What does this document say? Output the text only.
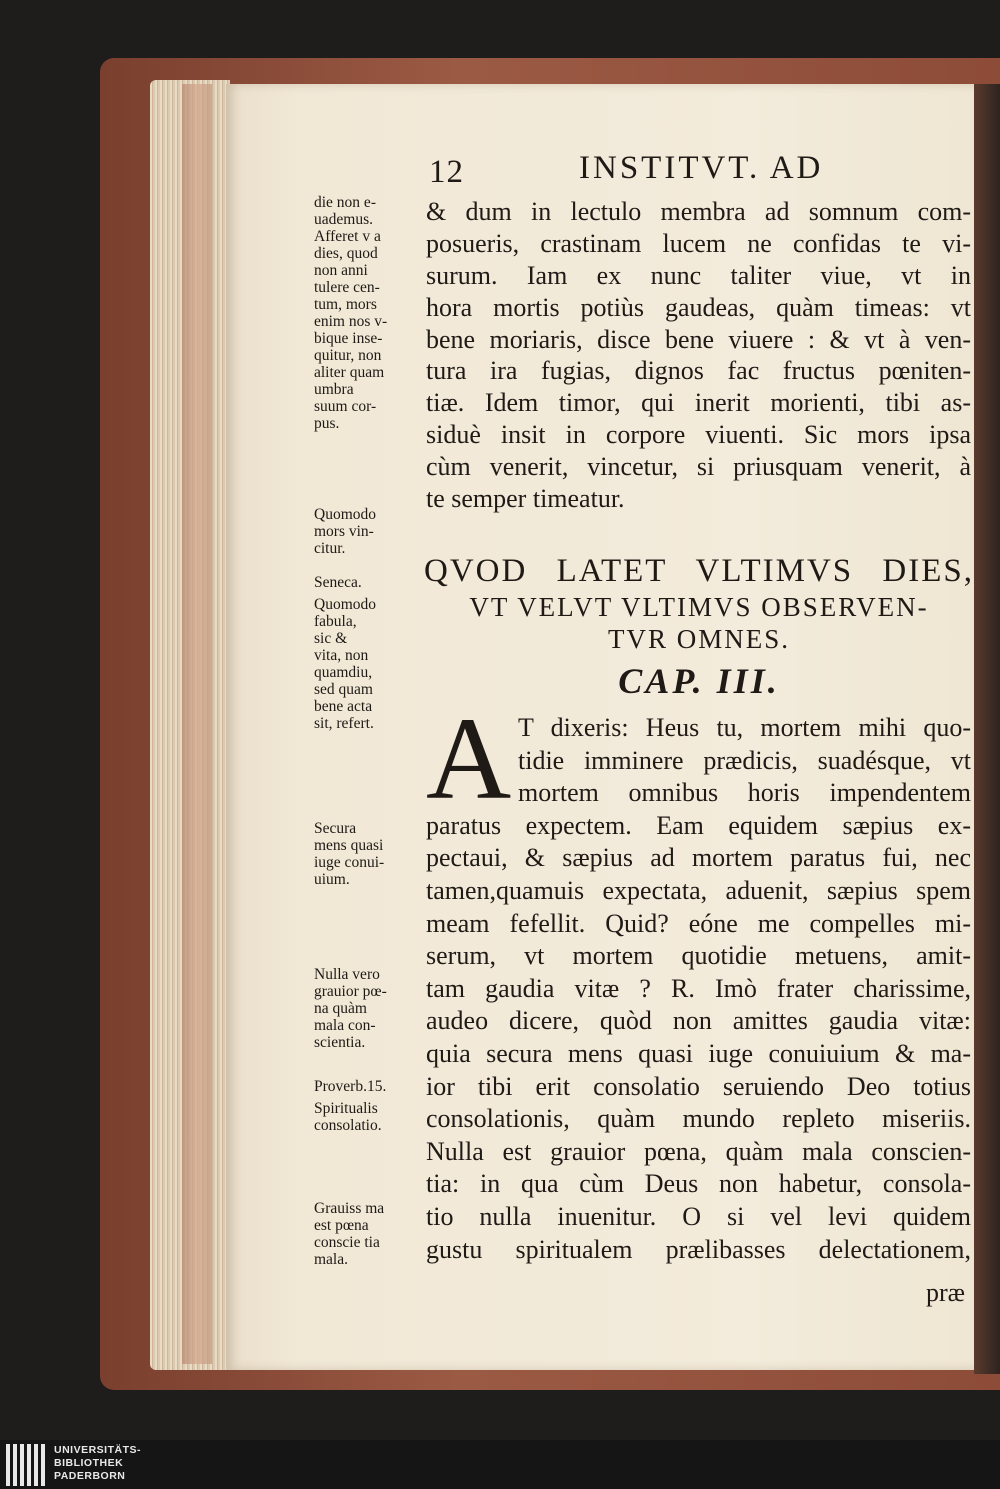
12	INSTITVT. AD
die non e-
uademus.
Afferet v a
dies, quod
non anni
tulere cen-
tum, mors
enim nos v-
bique inse-
quitur, non
aliter quam
umbra
suum cor-
pus.
Quomodo
mors vin-
citur.
Seneca.
Quomodo
fabula,
sic &
vita, non
quamdiu,
sed quam
bene acta
sit, refert.
Secura
mens quasi
iuge conui-
uium.
Nulla vero
grauior pœ-
na quàm
mala con-
scientia.
Proverb.15.
Spiritualis
consolatio.
Grauiss ma
est pœna
conscie tia
mala.
& dum in lectulo membra ad somnum com-
posueris, crastinam lucem ne confidas te vi-
surum. Iam ex nunc taliter viue, vt in
hora mortis potiùs gaudeas, quàm timeas: vt
bene moriaris, disce bene viuere : & vt à ven-
tura ira fugias, dignos fac fructus pœniten-
tiæ. Idem timor, qui inerit morienti, tibi as-
siduè insit in corpore viuenti. Sic mors ipsa
cùm venerit, vincetur, si priusquam venerit, à
te semper timeatur.
QVOD LATET VLTIMVS DIES,
VT VELVT VLTIMVS OBSERVEN-
TVR OMNES.
CAP. III.
A T dixeris: Heus tu, mortem mihi quo-
tidie imminere prædicis, suadésque, vt
mortem omnibus horis impendentem
paratus expectem. Eam equidem sæpius ex-
pectaui, & sæpius ad mortem paratus fui, nec
tamen,quamuis expectata, aduenit, sæpius spem
meam fefellit. Quid? eóne me compelles mi-
serum, vt mortem quotidie metuens, amit-
tam gaudia vitæ ? R. Imò frater charissime,
audeo dicere, quòd non amittes gaudia vitæ:
quia secura mens quasi iuge conuiuium & ma-
ior tibi erit consolatio seruiendo Deo totius
consolationis, quàm mundo repleto miseriis.
Nulla est grauior pœna, quàm mala conscien-
tia: in qua cùm Deus non habetur, consola-
tio nulla inuenitur. O si vel levi quidem
gustu spiritualem prælibasses delectationem,
præ
UNIVERSITÄTS-
BIBLIOTHEK
PADERBORN
